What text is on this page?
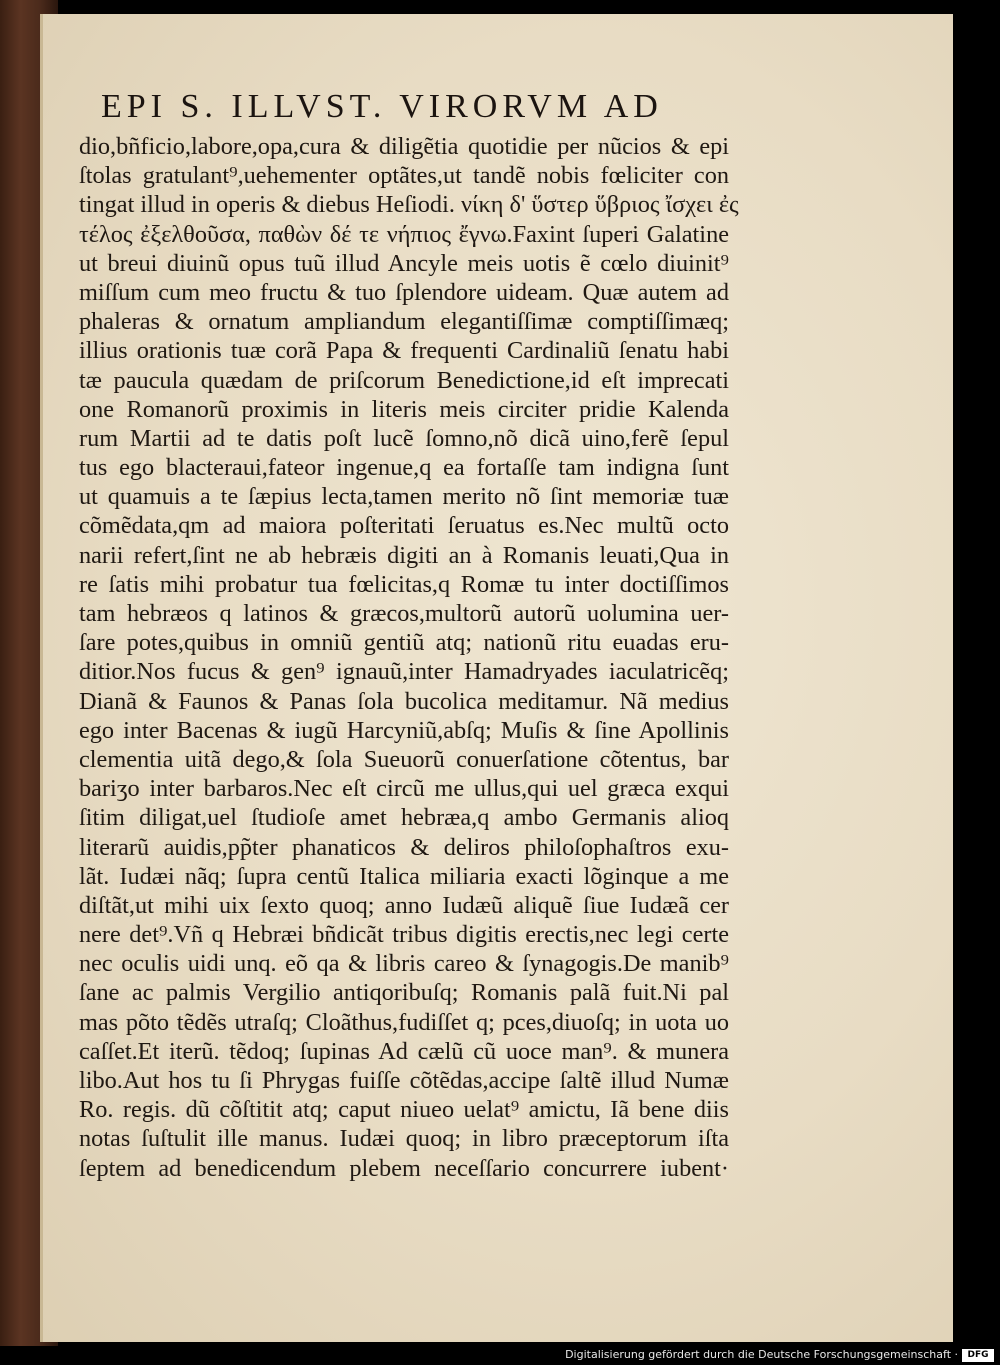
EPI S. ILLVST. VIRORVM AD
dio,bñficio,labore,opa,cura & diligẽtia quotidie per nũcios & epi
ſtolas gratulant⁹,uehementer optãtes,ut tandẽ nobis fœliciter con
tingat illud in operis & diebus Heſiodi. νίκη δ' ὕστερ ὕβριος ἴσχει ἐς
τέλος ἐξελθοῦσα, παθὼν δέ τε νήπιος ἔγνω.Faxint ſuperi Galatine
ut breui diuinũ opus tuũ illud Ancyle meis uotis ẽ cœlo diuinit⁹
miſſum cum meo fructu & tuo ſplendore uideam. Quæ autem ad
phaleras & ornatum ampliandum elegantiſſimæ comptiſſimæq;
illius orationis tuæ corã Papa & frequenti Cardinaliũ ſenatu habi
tæ paucula quædam de priſcorum Benedictione,id eſt imprecati
one Romanorũ proximis in literis meis circiter pridie Kalenda
rum Martii ad te datis poſt lucẽ ſomno,nõ dicã uino,ferẽ ſepul
tus ego blacteraui,fateor ingenue,q ea fortaſſe tam indigna ſunt
ut quamuis a te ſæpius lecta,tamen merito nõ ſint memoriæ tuæ
cõmẽdata,qm ad maiora poſteritati ſeruatus es.Nec multũ octo
narii refert,ſint ne ab hebræis digiti an à Romanis leuati,Qua in
re ſatis mihi probatur tua fœlicitas,q Romæ tu inter doctiſſimos
tam hebræos q latinos & græcos,multorũ autorũ uolumina uer-
ſare potes,quibus in omniũ gentiũ atq; nationũ ritu euadas eru-
ditior.Nos fucus & gen⁹ ignauũ,inter Hamadryades iaculatricẽq;
Dianã & Faunos & Panas ſola bucolica meditamur. Nã medius
ego inter Bacenas & iugũ Harcyniũ,abſq; Muſis & ſine Apollinis
clementia uitã dego,& ſola Sueuorũ conuerſatione cõtentus, bar
bariʒo inter barbaros.Nec eſt circũ me ullus,qui uel græca exqui
ſitim diligat,uel ſtudioſe amet hebræa,q ambo Germanis alioq
literarũ auidis,pp̃ter phanaticos & deliros philoſophaſtros exu-
lãt. Iudæi nãq; ſupra centũ Italica miliaria exacti lõginque a me
diſtãt,ut mihi uix ſexto quoq; anno Iudæũ aliquẽ ſiue Iudæã cer
nere det⁹.Vñ q Hebræi bñdicãt tribus digitis erectis,nec legi certe
nec oculis uidi unq. eõ qa & libris careo & ſynagogis.De manib⁹
ſane ac palmis Vergilio antiqoribuſq; Romanis palã fuit.Ni pal
mas põto tẽdẽs utraſq; Cloãthus,fudiſſet q; pces,diuoſq; in uota uo
caſſet.Et iterũ. tẽdoq; ſupinas Ad cælũ cũ uoce man⁹. & munera
libo.Aut hos tu ſi Phrygas fuiſſe cõtẽdas,accipe ſaltẽ illud Numæ
Ro. regis. dũ cõſtitit atq; caput niueo uelat⁹ amictu, Iã bene diis
notas ſuſtulit ille manus. Iudæi quoq; in libro præceptorum iſta
ſeptem ad benedicendum plebem neceſſario concurrere iubent·
Digitalisierung gefördert durch die Deutsche Forschungsgemeinschaft ·	DFG
